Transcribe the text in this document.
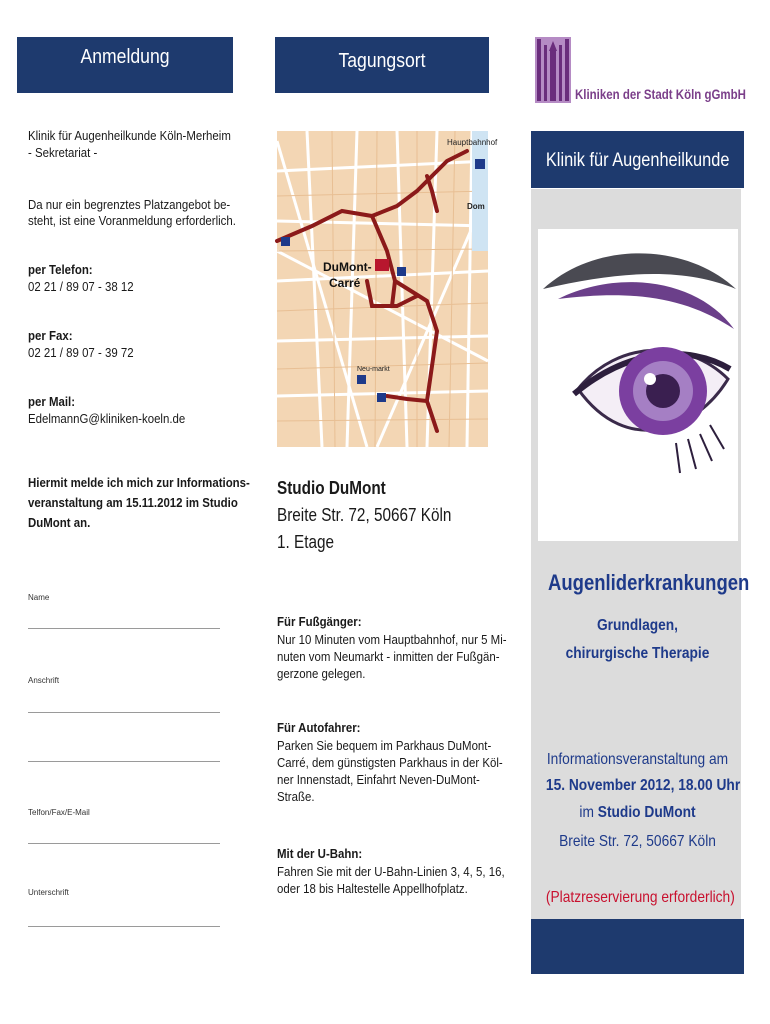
Anmeldung
Klinik für Augenheilkunde Köln-Merheim
- Sekretariat -
Da nur ein begrenztes Platzangebot be-
steht, ist eine Voranmeldung erforderlich.
per Telefon:
02 21 / 89 07 - 38 12
per Fax:
02 21 / 89 07 - 39 72
per Mail:
EdelmannG@kliniken-koeln.de
Hiermit melde ich mich zur Informations-
veranstaltung am 15.11.2012 im Studio
DuMont an.
Name
Anschrift
Telfon/Fax/E-Mail
Unterschrift
Tagungsort
Hauptbahnhof
Dom
DuMont-
Carré
Neu-markt
Studio DuMont
Breite Str. 72, 50667 Köln
1. Etage
Für Fußgänger:
Nur 10 Minuten vom Hauptbahnhof, nur 5 Mi-
nuten vom Neumarkt - inmitten der Fußgän-
gerzone gelegen.
Für Autofahrer:
Parken Sie bequem im Parkhaus DuMont-
Carré, dem günstigsten Parkhaus in der Köl-
ner Innenstadt, Einfahrt Neven-DuMont-
Straße.
Mit der U-Bahn:
Fahren Sie mit der U-Bahn-Linien 3, 4, 5, 16,
oder 18 bis Haltestelle Appellhofplatz.
Kliniken der Stadt Köln gGmbH
Klinik für Augenheilkunde
Augenliderkrankungen
Grundlagen,
chirurgische Therapie
Informationsveranstaltung am
15. November 2012, 18.00 Uhr
im Studio DuMont
Breite Str. 72, 50667 Köln
(Platzreservierung erforderlich)
